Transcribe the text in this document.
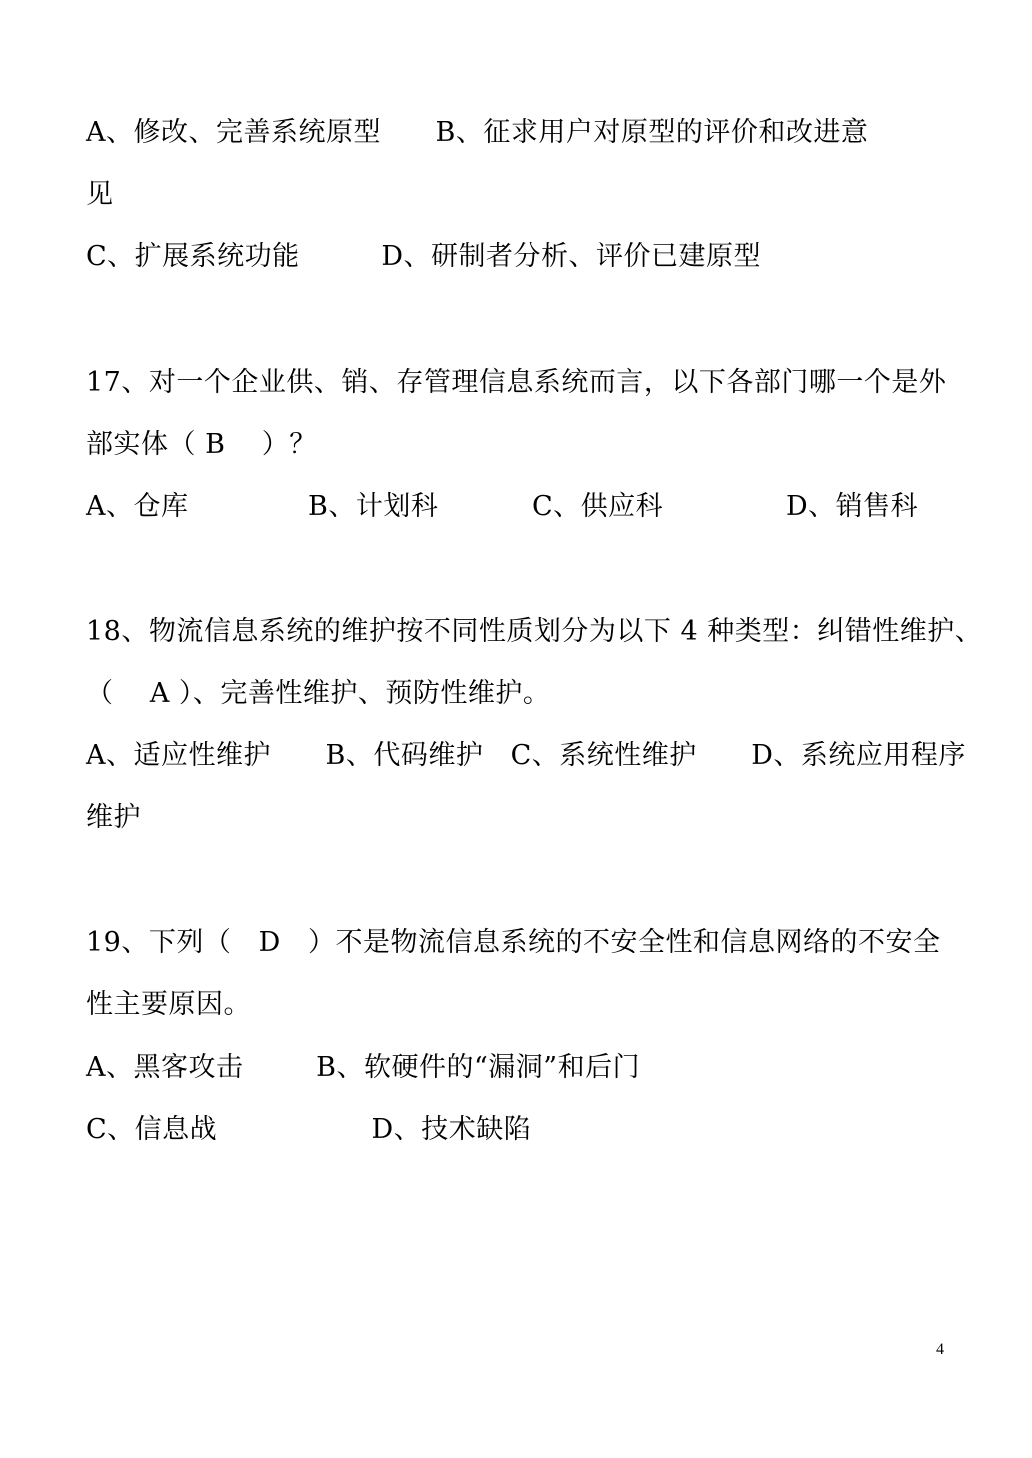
A、修改、完善系统原型      B、征求用户对原型的评价和改进意
见
C、扩展系统功能         D、研制者分析、评价已建原型
17、对一个企业供、销、存管理信息系统而言，以下各部门哪一个是外
部实体（ B    ）？
A、仓库	B、计划科	C、供应科	D、销售科
18、物流信息系统的维护按不同性质划分为以下 4 种类型：纠错性维护、
（    A ）、完善性维护、预防性维护。
A、适应性维护      B、代码维护   C、系统性维护      D、系统应用程序
维护
19、下列（   D   ）不是物流信息系统的不安全性和信息网络的不安全
性主要原因。
A、黑客攻击        B、软硬件的“漏洞”和后门
C、信息战                 D、技术缺陷
4
